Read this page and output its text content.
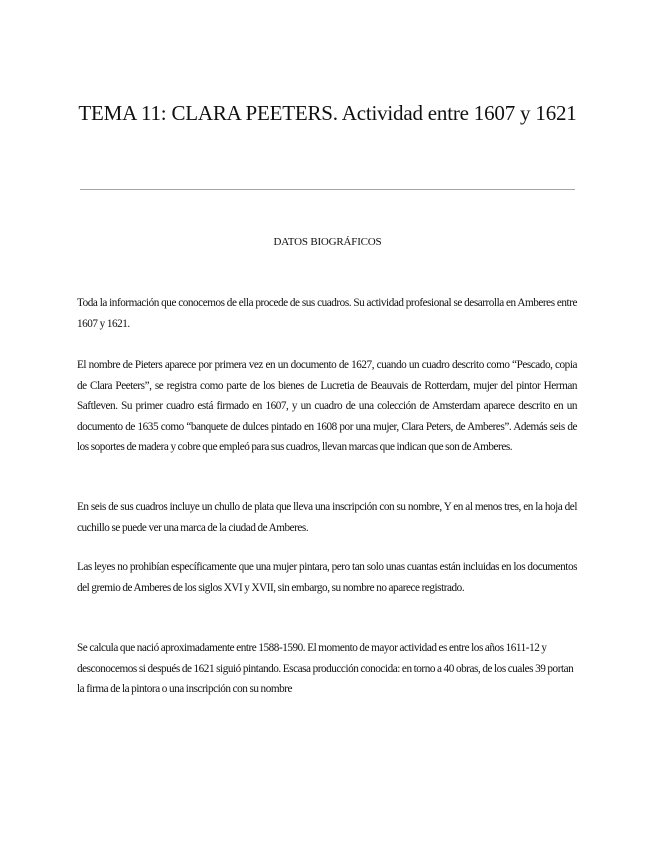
TEMA 11: CLARA PEETERS. Actividad entre 1607 y 1621
DATOS BIOGRÁFICOS

Toda la información que conocemos de ella procede de sus cuadros. Su actividad profesional se desarrolla en Amberes entre 1607 y 1621.

El nombre de Pieters aparece por primera vez en un documento de 1627, cuando un cuadro descrito como “Pescado, copia de Clara Peeters”, se registra como parte de los bienes de Lucretia de Beauvais de Rotterdam, mujer del pintor Herman Saftleven. Su primer cuadro está firmado en 1607, y un cuadro de una colección de Amsterdam aparece descrito en un documento de 1635 como “banquete de dulces pintado en 1608 por una mujer, Clara Peters, de Amberes”. Además seis de los soportes de madera y cobre que empleó para sus cuadros, llevan marcas que indican que son de Amberes.

En seis de sus cuadros incluye un chullo de plata que lleva una inscripción con su nombre, Y en al menos tres, en la hoja del cuchillo se puede ver una marca de la ciudad de Amberes.

Las leyes no prohibían específicamente que una mujer pintara, pero tan solo unas cuantas están incluidas en los documentos del gremio de Amberes de los siglos XVI y XVII, sin embargo, su nombre no aparece registrado.

Se calcula que nació aproximadamente entre 1588-1590. El momento de mayor actividad es entre los años 1611-12 y desconocemos si después de 1621 siguió pintando. Escasa producción conocida: en torno a 40 obras, de los cuales 39 portan la firma de la pintora o una inscripción con su nombre
